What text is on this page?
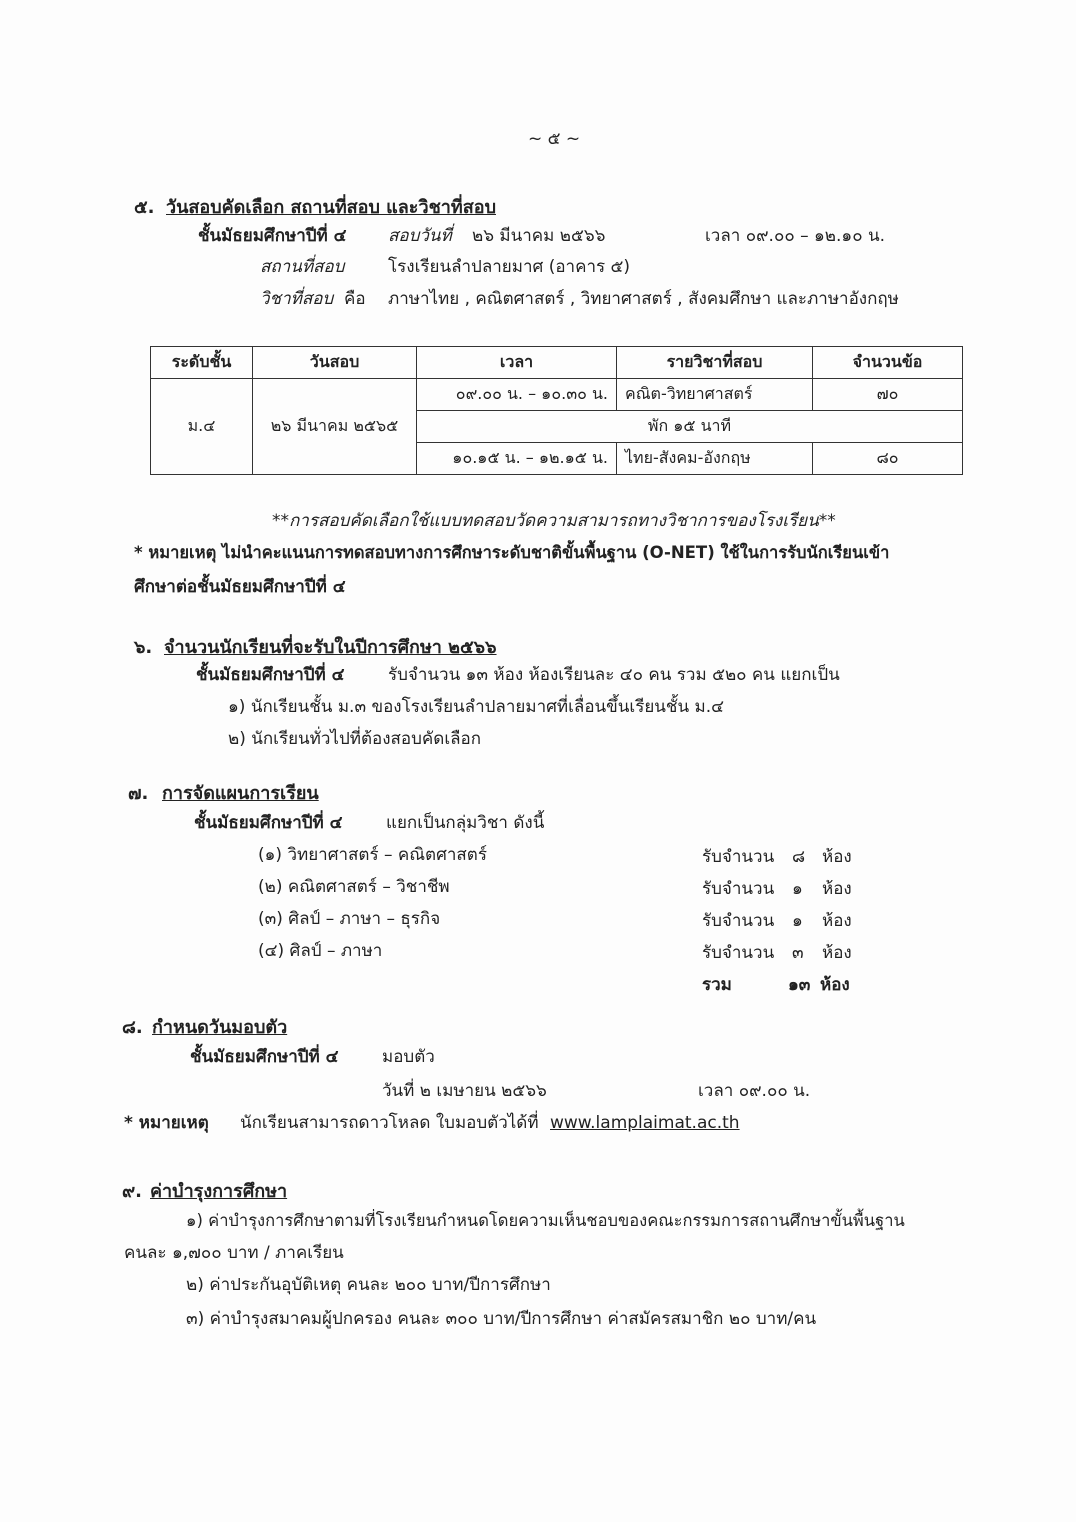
~ ๕ ~
๕. วันสอบคัดเลือก สถานที่สอบ และวิชาที่สอบ
ชั้นมัธยมศึกษาปีที่ ๔ สอบวันที่ ๒๖ มีนาคม ๒๕๖๖	เวลา ๐๙.๐๐ – ๑๒.๑๐ น.
สถานที่สอบ	โรงเรียนลำปลายมาศ (อาคาร ๕)
วิชาที่สอบ คือ ภาษาไทย , คณิตศาสตร์ , วิทยาศาสตร์ , สังคมศึกษา และภาษาอังกฤษ
ระดับชั้น	วันสอบ	เวลา	รายวิชาที่สอบ	จำนวนข้อ
ม.๔	๒๖ มีนาคม ๒๕๖๕	๐๙.๐๐ น. – ๑๐.๓๐ น.	คณิต-วิทยาศาสตร์	๗๐
		พัก ๑๕ นาที		
		๑๐.๑๕ น. – ๑๒.๑๕ น.	ไทย-สังคม-อังกฤษ	๘๐
**การสอบคัดเลือกใช้แบบทดสอบวัดความสามารถทางวิชาการของโรงเรียน**
* หมายเหตุ ไม่นำคะแนนการทดสอบทางการศึกษาระดับชาติขั้นพื้นฐาน (O-NET) ใช้ในการรับนักเรียนเข้า
ศึกษาต่อชั้นมัธยมศึกษาปีที่ ๔
๖. จำนวนนักเรียนที่จะรับในปีการศึกษา ๒๕๖๖
ชั้นมัธยมศึกษาปีที่ ๔	รับจำนวน ๑๓ ห้อง ห้องเรียนละ ๔๐ คน รวม ๕๒๐ คน แยกเป็น
๑) นักเรียนชั้น ม.๓ ของโรงเรียนลำปลายมาศที่เลื่อนขึ้นเรียนชั้น ม.๔
๒) นักเรียนทั่วไปที่ต้องสอบคัดเลือก
๗. การจัดแผนการเรียน
ชั้นมัธยมศึกษาปีที่ ๔	แยกเป็นกลุ่มวิชา ดังนี้
(๑) วิทยาศาสตร์ – คณิตศาสตร์	รับจำนวน ๘ ห้อง
(๒) คณิตศาสตร์ – วิชาชีพ	รับจำนวน ๑ ห้อง
(๓) ศิลป์ – ภาษา – ธุรกิจ	รับจำนวน ๑ ห้อง
(๔) ศิลป์ – ภาษา	รับจำนวน ๓ ห้อง
รวม	๑๓ ห้อง
๘. กำหนดวันมอบตัว
ชั้นมัธยมศึกษาปีที่ ๔	มอบตัว
วันที่ ๒ เมษายน ๒๕๖๖	เวลา ๐๙.๐๐ น.
* หมายเหตุ นักเรียนสามารถดาวโหลด ใบมอบตัวได้ที่ www.lamplaimat.ac.th
๙. ค่าบำรุงการศึกษา
๑) ค่าบำรุงการศึกษาตามที่โรงเรียนกำหนดโดยความเห็นชอบของคณะกรรมการสถานศึกษาขั้นพื้นฐาน
คนละ ๑,๗๐๐ บาท / ภาคเรียน
๒) ค่าประกันอุบัติเหตุ คนละ ๒๐๐ บาท/ปีการศึกษา
๓) ค่าบำรุงสมาคมผู้ปกครอง คนละ ๓๐๐ บาท/ปีการศึกษา ค่าสมัครสมาชิก ๒๐ บาท/คน
